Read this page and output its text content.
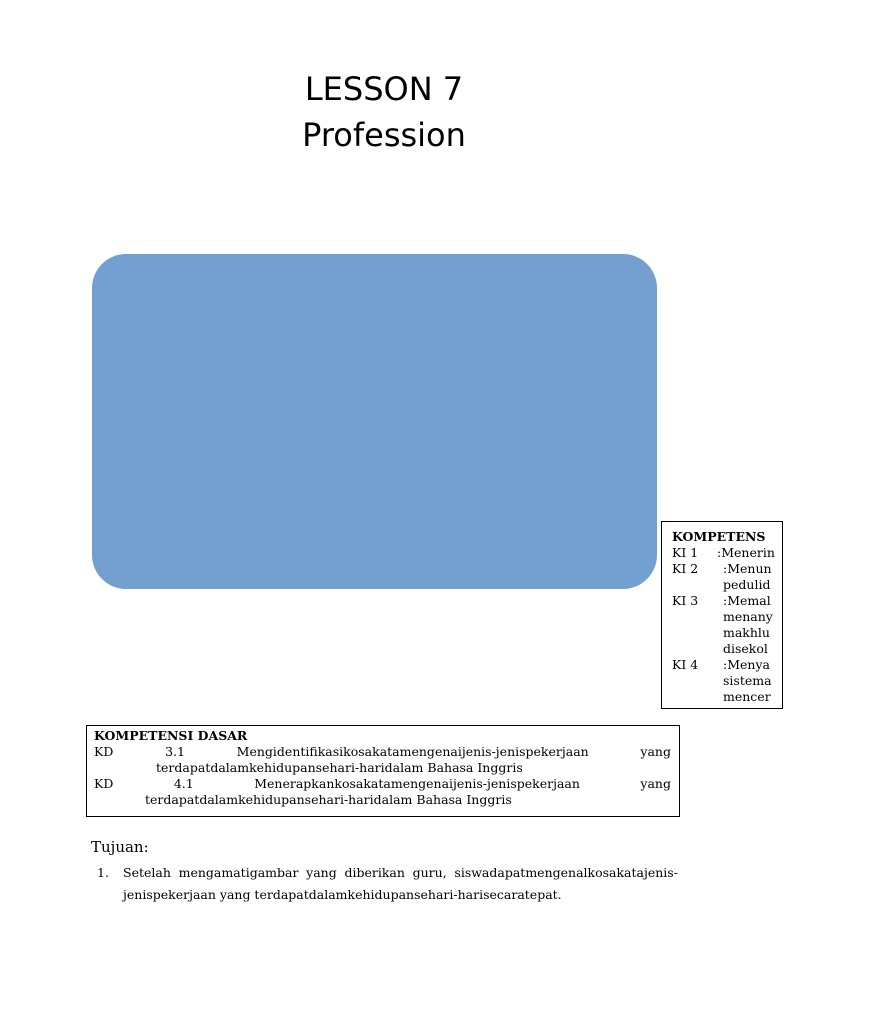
LESSON 7
Profession
KOMPETENS
KI 1 :Menerin
KI 2 :Menun
pedulid
KI 3 :Memal
menany
makhlu
disekol
KI 4 :Menya
sistema
mencer
KOMPETENSI DASAR
KD	3.1	Mengidentifikasikosakatamengenaijenis-jenispekerjaan	yang
terdapatdalamkehidupansehari-haridalam Bahasa Inggris
KD	4.1	Menerapkankosakatamengenaijenis-jenispekerjaan	yang
terdapatdalamkehidupansehari-haridalam Bahasa Inggris
Tujuan:
1.	Setelah mengamatigambar yang diberikan guru, siswadapatmengenalkosakatajenis-
jenispekerjaan yang terdapatdalamkehidupansehari-harisecaratepat.
